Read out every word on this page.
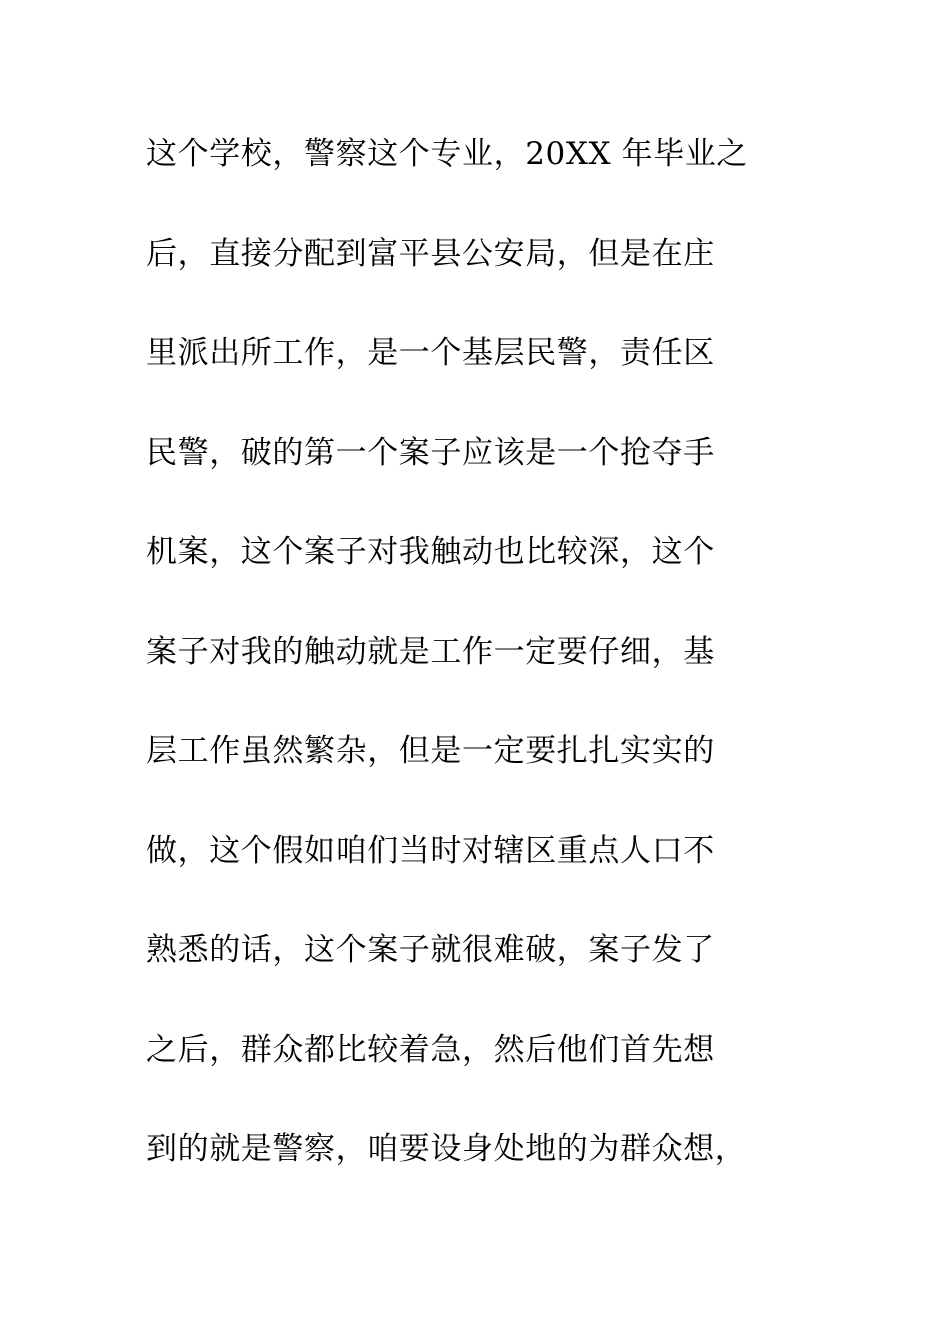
这个学校，警察这个专业，20XX 年毕业之
后，直接分配到富平县公安局，但是在庄
里派出所工作，是一个基层民警，责任区
民警，破的第一个案子应该是一个抢夺手
机案，这个案子对我触动也比较深，这个
案子对我的触动就是工作一定要仔细，基
层工作虽然繁杂，但是一定要扎扎实实的
做，这个假如咱们当时对辖区重点人口不
熟悉的话，这个案子就很难破，案子发了
之后，群众都比较着急，然后他们首先想
到的就是警察，咱要设身处地的为群众想，
